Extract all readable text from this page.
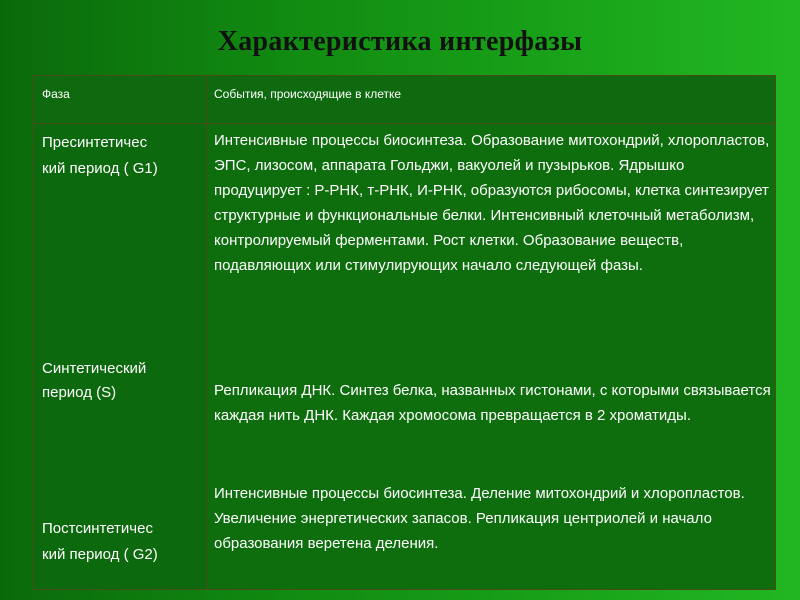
Характеристика интерфазы
Фаза	События, происходящие в клетке
Пресинтетичес
кий период ( G1)
Интенсивные процессы биосинтеза. Образование митохондрий, хлоропластов, ЭПС, лизосом, аппарата Гольджи, вакуолей и пузырьков. Ядрышко продуцирует : Р-РНК, т-РНК, И-РНК, образуются рибосомы, клетка синтезирует структурные и функциональные белки. Интенсивный клеточный метаболизм, контролируемый ферментами. Рост клетки. Образование веществ, подавляющих или стимулирующих начало следующей фазы.
Синтетический
период (S)	Репликация ДНК. Синтез белка, названных гистонами, с которыми связывается каждая нить ДНК. Каждая хромосома превращается в 2 хроматиды.
Постсинтетичес
кий период ( G2)
Интенсивные процессы биосинтеза. Деление митохондрий и хлоропластов. Увеличение энергетических запасов. Репликация центриолей и начало образования веретена деления.
